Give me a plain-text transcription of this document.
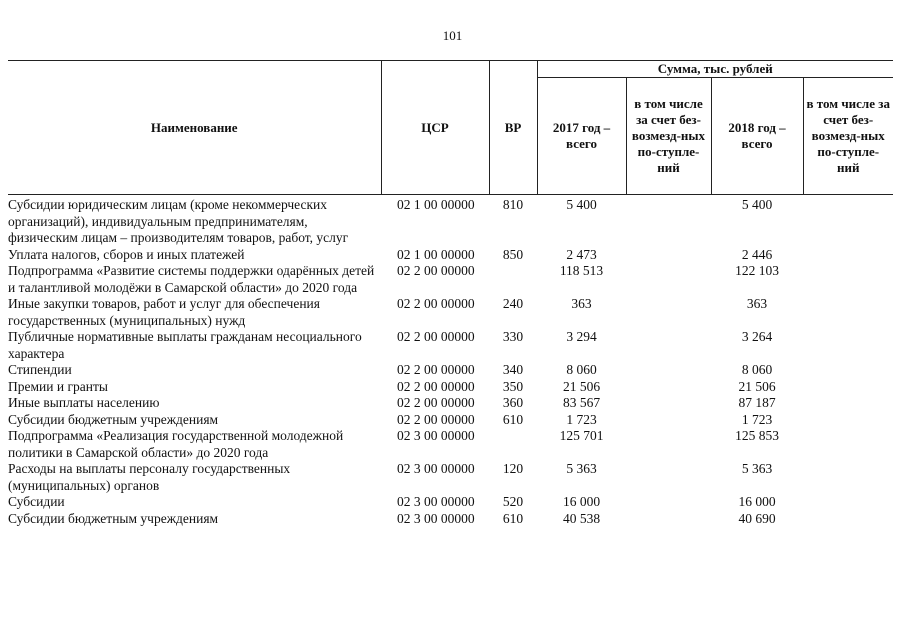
101
Наименование	ЦСР	ВР	Сумма, тыс. рублей			
			2017 год – всего	в том числе за счет без-возмезд-ных по-ступле-ний	2018 год – всего	в том числе за счет без-возмезд-ных по-ступле-ний
Субсидии юридическим лицам (кроме некоммерческих организаций), индивидуальным предпринимателям, физическим лицам – производителям товаров, работ, услуг	02 1 00 00000	810	5 400		5 400	
Уплата налогов, сборов и иных платежей	02 1 00 00000	850	2 473		2 446	
Подпрограмма «Развитие системы поддержки одарённых детей и талантливой молодёжи в Самарской области» до 2020 года	02 2 00 00000		118 513		122 103	
Иные закупки товаров, работ и услуг для обеспечения государственных (муниципальных) нужд	02 2 00 00000	240	363		363	
Публичные нормативные выплаты гражданам несоциального характера	02 2 00 00000	330	3 294		3 264	
Стипендии	02 2 00 00000	340	8 060		8 060	
Премии и гранты	02 2 00 00000	350	21 506		21 506	
Иные выплаты населению	02 2 00 00000	360	83 567		87 187	
Субсидии бюджетным учреждениям	02 2 00 00000	610	1 723		1 723	
Подпрограмма «Реализация государственной молодежной политики в Самарской области» до 2020 года	02 3 00 00000		125 701		125 853	
Расходы на выплаты персоналу государственных (муниципальных) органов	02 3 00 00000	120	5 363		5 363	
Субсидии	02 3 00 00000	520	16 000		16 000	
Субсидии бюджетным учреждениям	02 3 00 00000	610	40 538		40 690	
